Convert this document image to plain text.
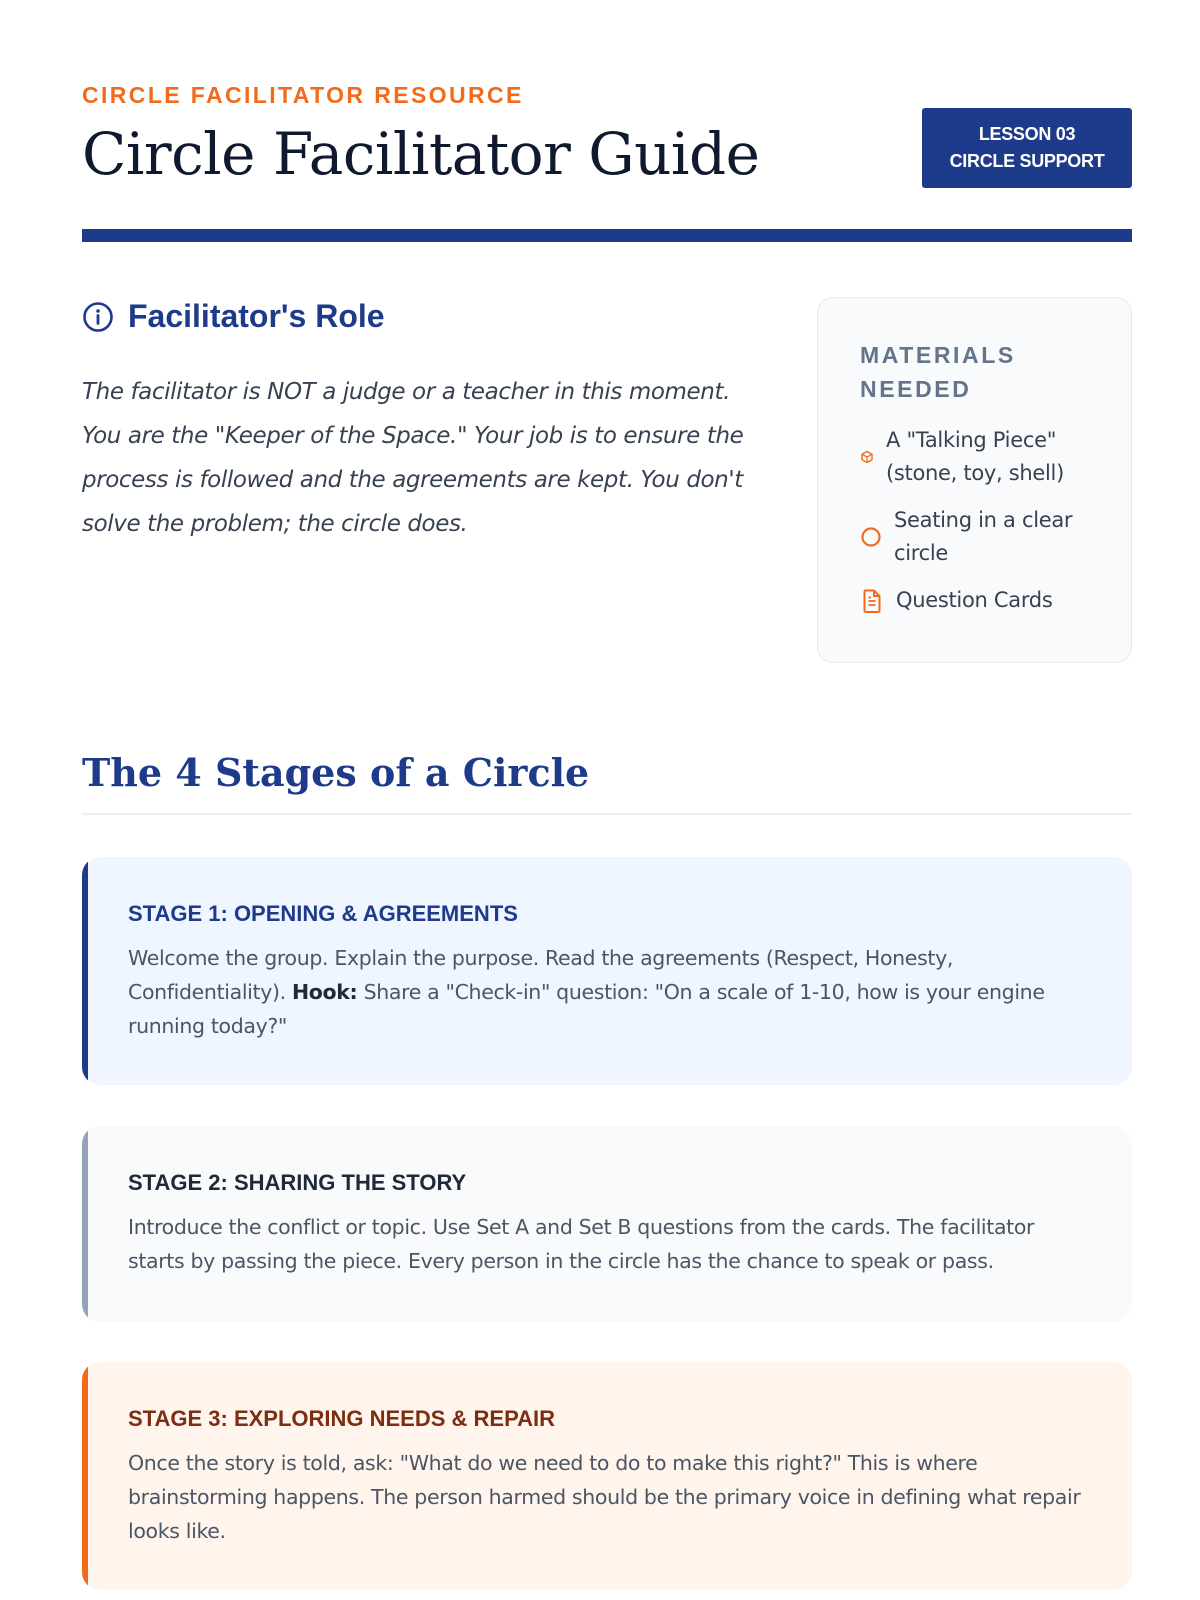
CIRCLE FACILITATOR RESOURCE
Circle Facilitator Guide	LESSON 03
CIRCLE SUPPORT
Facilitator's Role

The facilitator is NOT a judge or a teacher in this moment. You are the "Keeper of the Space." Your job is to ensure the process is followed and the agreements are kept. You don't solve the problem; the circle does.

MATERIALS NEEDED
A "Talking Piece" (stone, toy, shell)
Seating in a clear circle
Question Cards
The 4 Stages of a Circle
STAGE 1: OPENING & AGREEMENTS

Welcome the group. Explain the purpose. Read the agreements (Respect, Honesty, Confidentiality). Hook: Share a "Check-in" question: "On a scale of 1-10, how is your engine running today?"

STAGE 2: SHARING THE STORY

Introduce the conflict or topic. Use Set A and Set B questions from the cards. The facilitator starts by passing the piece. Every person in the circle has the chance to speak or pass.

STAGE 3: EXPLORING NEEDS & REPAIR

Once the story is told, ask: "What do we need to do to make this right?" This is where brainstorming happens. The person harmed should be the primary voice in defining what repair looks like.
